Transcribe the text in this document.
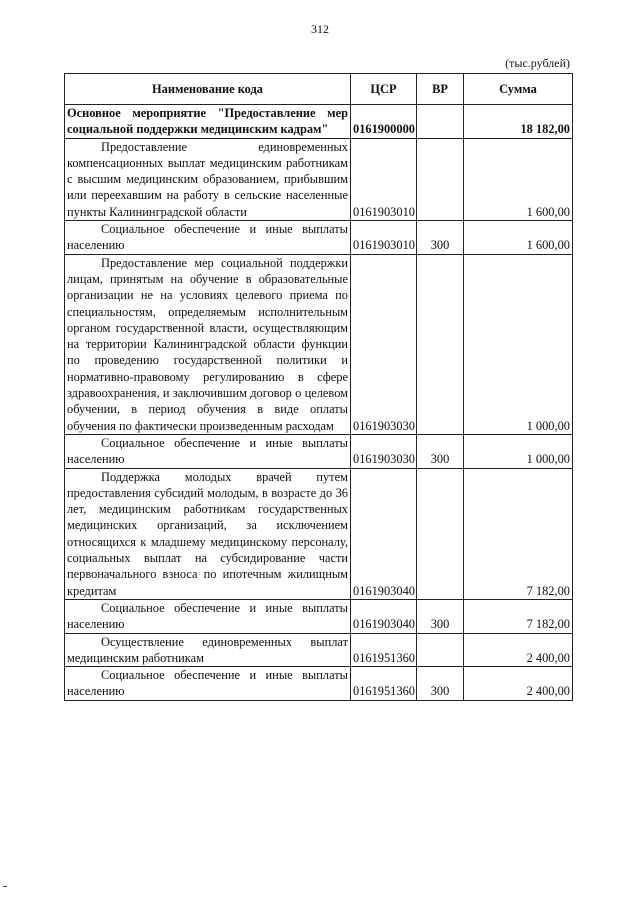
312
(тыс.рублей)
Наименование кода	ЦСР	ВР	Сумма
Основное мероприятие "Предоставление мер социальной поддержки медицинским кадрам"	0161900000		18 182,00
Предоставление единовременных компенсационных выплат медицинским работникам с высшим медицинским образованием, прибывшим или переехавшим на работу в сельские населенные пункты Калининградской области	0161903010		1 600,00
Социальное обеспечение и иные выплаты населению	0161903010	300	1 600,00
Предоставление мер социальной поддержки лицам, принятым на обучение в образовательные организации не на условиях целевого приема по специальностям, определяемым исполнительным органом государственной власти, осуществляющим на территории Калининградской области функции по проведению государственной политики и нормативно-правовому регулированию в сфере здравоохранения, и заключившим договор о целевом обучении, в период обучения в виде оплаты обучения по фактически произведенным расходам	0161903030		1 000,00
Социальное обеспечение и иные выплаты населению	0161903030	300	1 000,00
Поддержка молодых врачей путем предоставления субсидий молодым, в возрасте до 36 лет, медицинским работникам государственных медицинских организаций, за исключением относящихся к младшему медицинскому персоналу, социальных выплат на субсидирование части первоначального взноса по ипотечным жилищным кредитам	0161903040		7 182,00
Социальное обеспечение и иные выплаты населению	0161903040	300	7 182,00
Осуществление единовременных выплат медицинским работникам	0161951360		2 400,00
Социальное обеспечение и иные выплаты населению	0161951360	300	2 400,00
